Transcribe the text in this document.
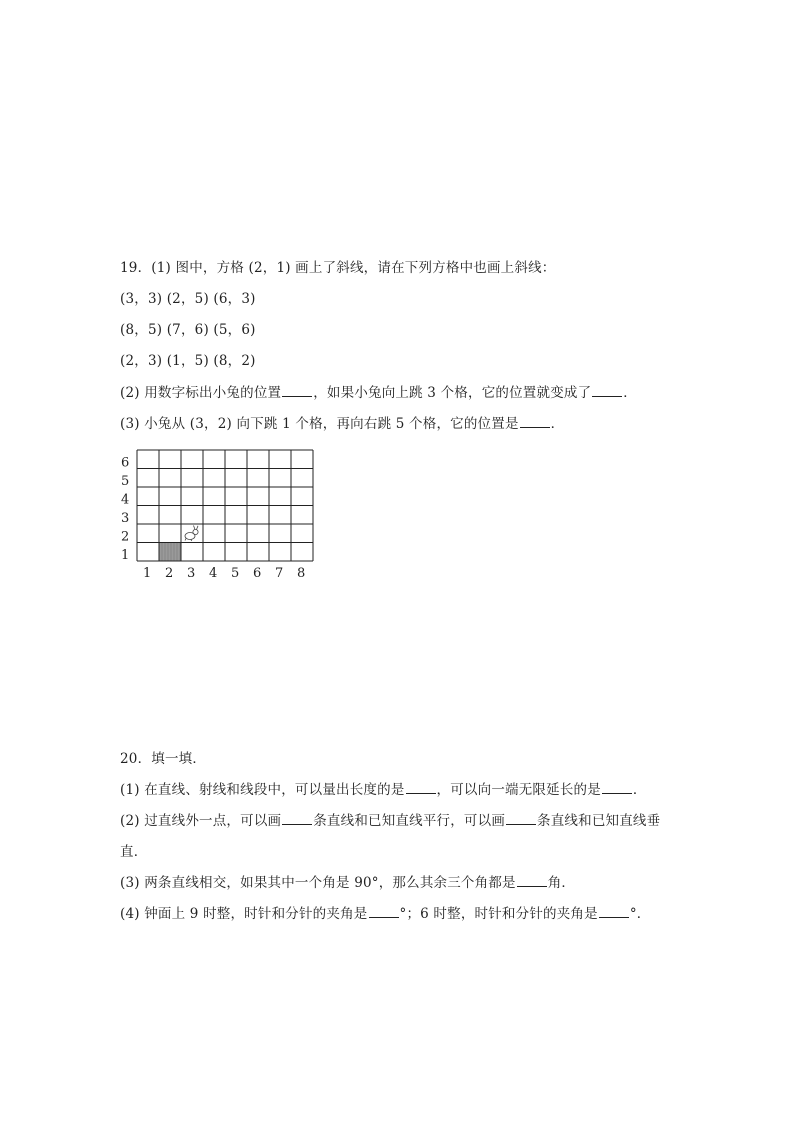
19．(1) 图中，方格 (2，1) 画上了斜线，请在下列方格中也画上斜线：
(3，3) (2，5) (6，3)
(8，5) (7，6) (5，6)
(2，3) (1，5) (8，2)
(2) 用数字标出小兔的位置 ，如果小兔向上跳 3 个格，它的位置就变成了 ．
(3) 小兔从 (3，2) 向下跳 1 个格，再向右跳 5 个格，它的位置是 ．
1
2
3
4
5
6
1 2 3 4 5 6 7 8
20．填一填．
(1) 在直线、射线和线段中，可以量出长度的是 ，可以向一端无限延长的是 ．
(2) 过直线外一点，可以画 条直线和已知直线平行，可以画 条直线和已知直线垂
直．
(3) 两条直线相交，如果其中一个角是 90°，那么其余三个角都是 角．
(4) 钟面上 9 时整，时针和分针的夹角是 °；6 时整，时针和分针的夹角是 °．
